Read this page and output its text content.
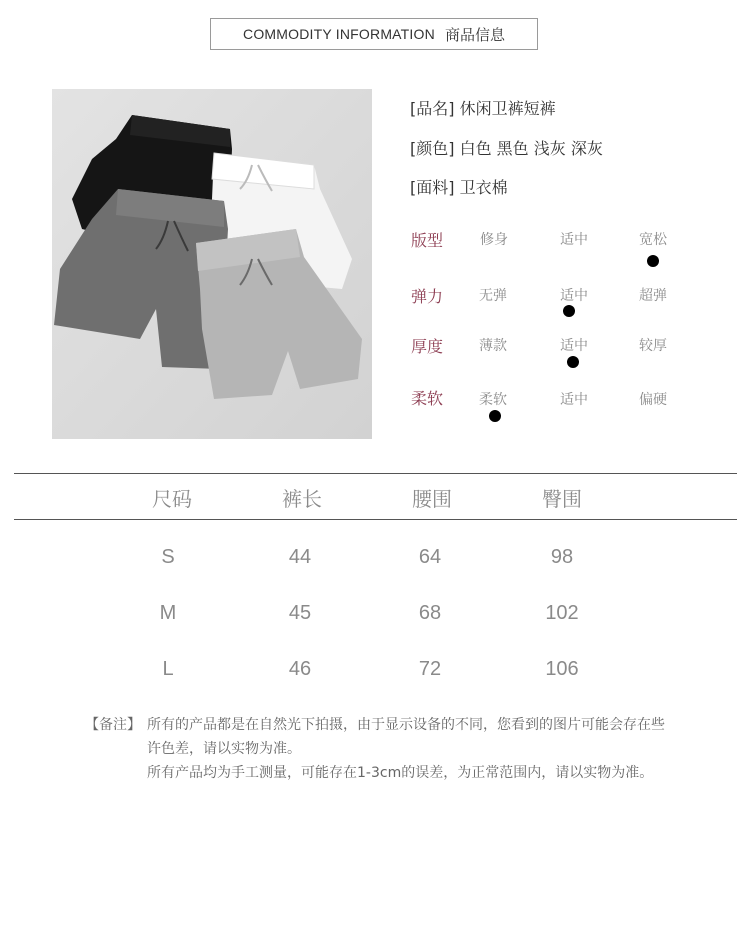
COMMODITY INFORMATION 商品信息
[品名] 休闲卫裤短裤
[颜色] 白色 黑色 浅灰 深灰
[面料] 卫衣棉
版型	修身	适中	宽松
弹力	无弹	适中	超弹
厚度	薄款	适中	较厚
柔软	柔软	适中	偏硬
尺码	裤长	腰围	臀围
S	44	64	98
M	45	68	102
L	46	72	106
【备注】 所有的产品都是在自然光下拍摄，由于显示设备的不同，您看到的图片可能会存在些许色差，请以实物为准。

所有产品均为手工测量，可能存在1-3cm的误差，为正常范围内，请以实物为准。
